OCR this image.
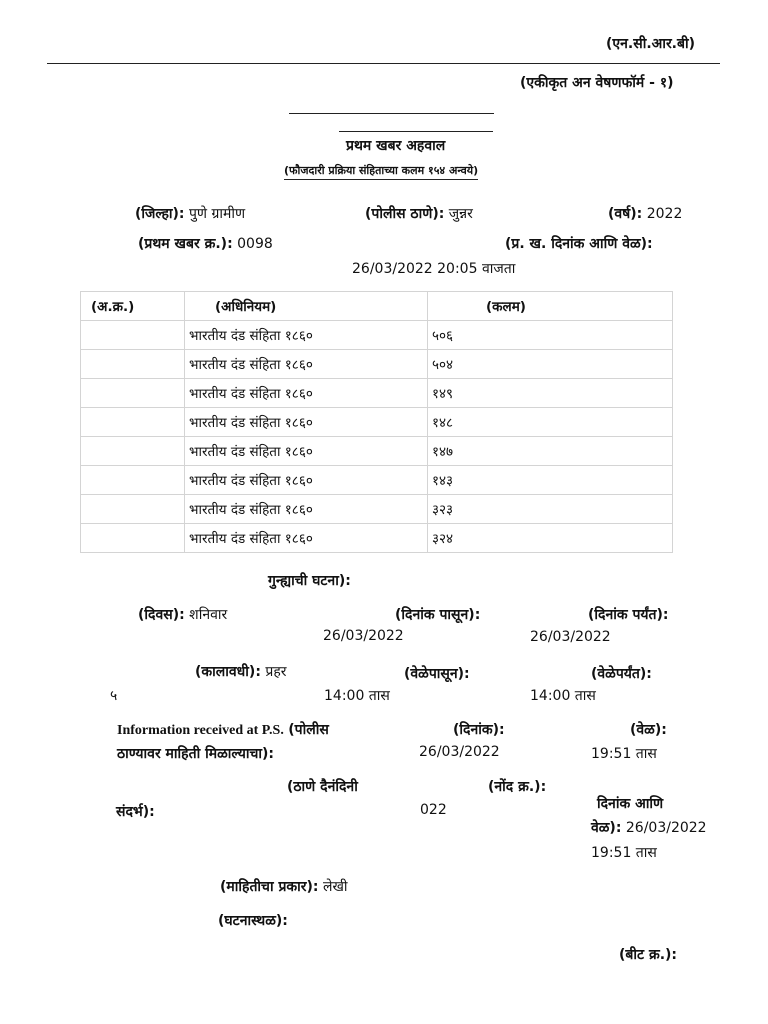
(एन.सी.आर.बी)
(एकीकृत अन वेषणफॉर्म - १)
प्रथम खबर अहवाल
(फौजदारी प्रक्रिया संहिताच्या कलम १५४ अन्वये)
(जिल्हा): पुणे ग्रामीण	(पोलीस ठाणे): जुन्नर	(वर्ष): 2022
(प्रथम खबर क्र.): 0098	(प्र. ख. दिनांक आणि वेळ):
26/03/2022 20:05 वाजता
(अ.क्र.)	(अधिनियम)	(कलम)
	भारतीय दंड संहिता १८६०	५०६
	भारतीय दंड संहिता १८६०	५०४
	भारतीय दंड संहिता १८६०	१४९
	भारतीय दंड संहिता १८६०	१४८
	भारतीय दंड संहिता १८६०	१४७
	भारतीय दंड संहिता १८६०	१४३
	भारतीय दंड संहिता १८६०	३२३
	भारतीय दंड संहिता १८६०	३२४
गुन्ह्याची घटना):
(दिवस): शनिवार	(दिनांक पासून):	(दिनांक पर्यंत):
26/03/2022	26/03/2022
(कालावधी): प्रहर	(वेळेपासून):	(वेळेपर्यंत):
५	14:00 तास	14:00 तास
Information received at P.S. (पोलीस
ठाण्यावर माहिती मिळाल्याचा):
(दिनांक):	(वेळ):
26/03/2022	19:51 तास
(ठाणे दैनंदिनी
संदर्भ):
(नोंद क्र.):
022	दिनांक आणि
वेळ): 26/03/2022
19:51 तास
(माहितीचा प्रकार): लेखी
(घटनास्थळ):
(बीट क्र.):
